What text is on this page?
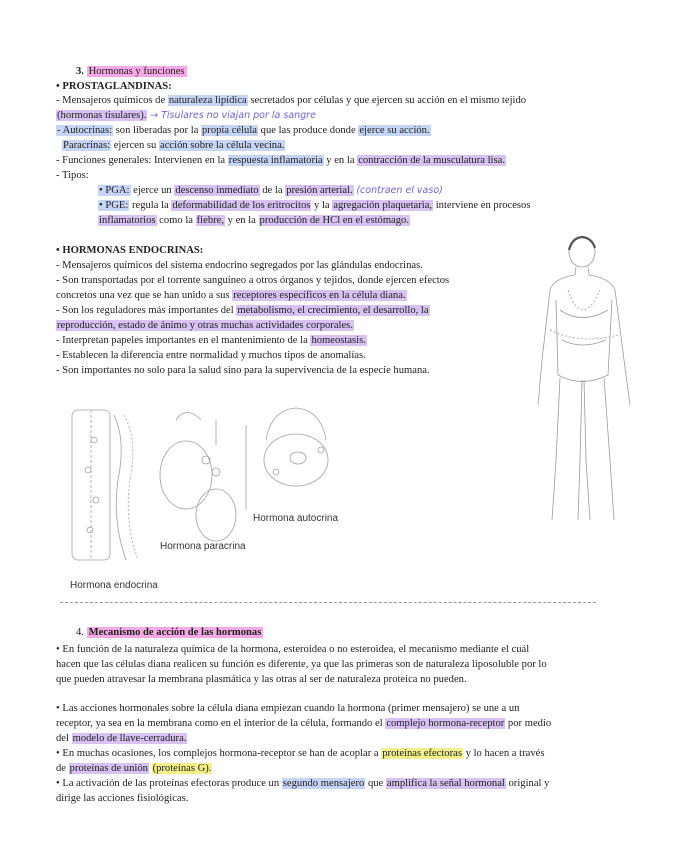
3. Hormonas y funciones
• PROSTAGLANDINAS:
- Mensajeros químicos de naturaleza lipídica secretados por células y que ejercen su acción en el mismo tejido
(hormonas tisulares). → Tisulares no viajan por la sangre
- Autocrinas: son liberadas por la propia célula que las produce donde ejerce su acción.
Paracrinas: ejercen su acción sobre la célula vecina.
- Funciones generales: Intervienen en la respuesta inflamatoria y en la contracción de la musculatura lisa.
- Tipos:
• PGA: ejerce un descenso inmediato de la presión arterial. (contraen el vaso)
• PGE: regula la deformabilidad de los eritrocitos y la agregación plaquetaria, interviene en procesos
inflamatorios como la fiebre, y en la producción de HCl en el estómago.
• HORMONAS ENDOCRINAS:
- Mensajeros químicos del sistema endocrino segregados por las glándulas endocrinas.
- Son transportadas por el torrente sanguíneo a otros órganos y tejidos, donde ejercen efectos
concretos una vez que se han unido a sus receptores específicos en la célula diana.
- Son los reguladores más importantes del metabolismo, el crecimiento, el desarrollo, la
reproducción, estado de ánimo y otras muchas actividades corporales.
- Interpretan papeles importantes en el mantenimiento de la homeostasis.
- Establecen la diferencia entre normalidad y muchos tipos de anomalías.
- Son importantes no solo para la salud sino para la supervivencia de la especie humana.
Hormona autocrina
Hormona paracrina
Hormona endocrina
4. Mecanismo de acción de las hormonas
• En función de la naturaleza química de la hormona, esteroidea o no esteroidea, el mecanismo mediante el cuál
hacen que las células diana realicen su función es diferente, ya que las primeras son de naturaleza liposoluble por lo
que pueden atravesar la membrana plasmática y las otras al ser de naturaleza proteica no pueden.
• Las acciones hormonales sobre la célula diana empiezan cuando la hormona (primer mensajero) se une a un
receptor, ya sea en la membrana como en el interior de la célula, formando el complejo hormona-receptor por medio
del modelo de llave-cerradura.
• En muchas ocasiones, los complejos hormona-receptor se han de acoplar a proteínas efectoras y lo hacen a través
de proteínas de unión (proteínas G).
• La activación de las proteínas efectoras produce un segundo mensajero que amplifica la señal hormonal original y
dirige las acciones fisiológicas.
